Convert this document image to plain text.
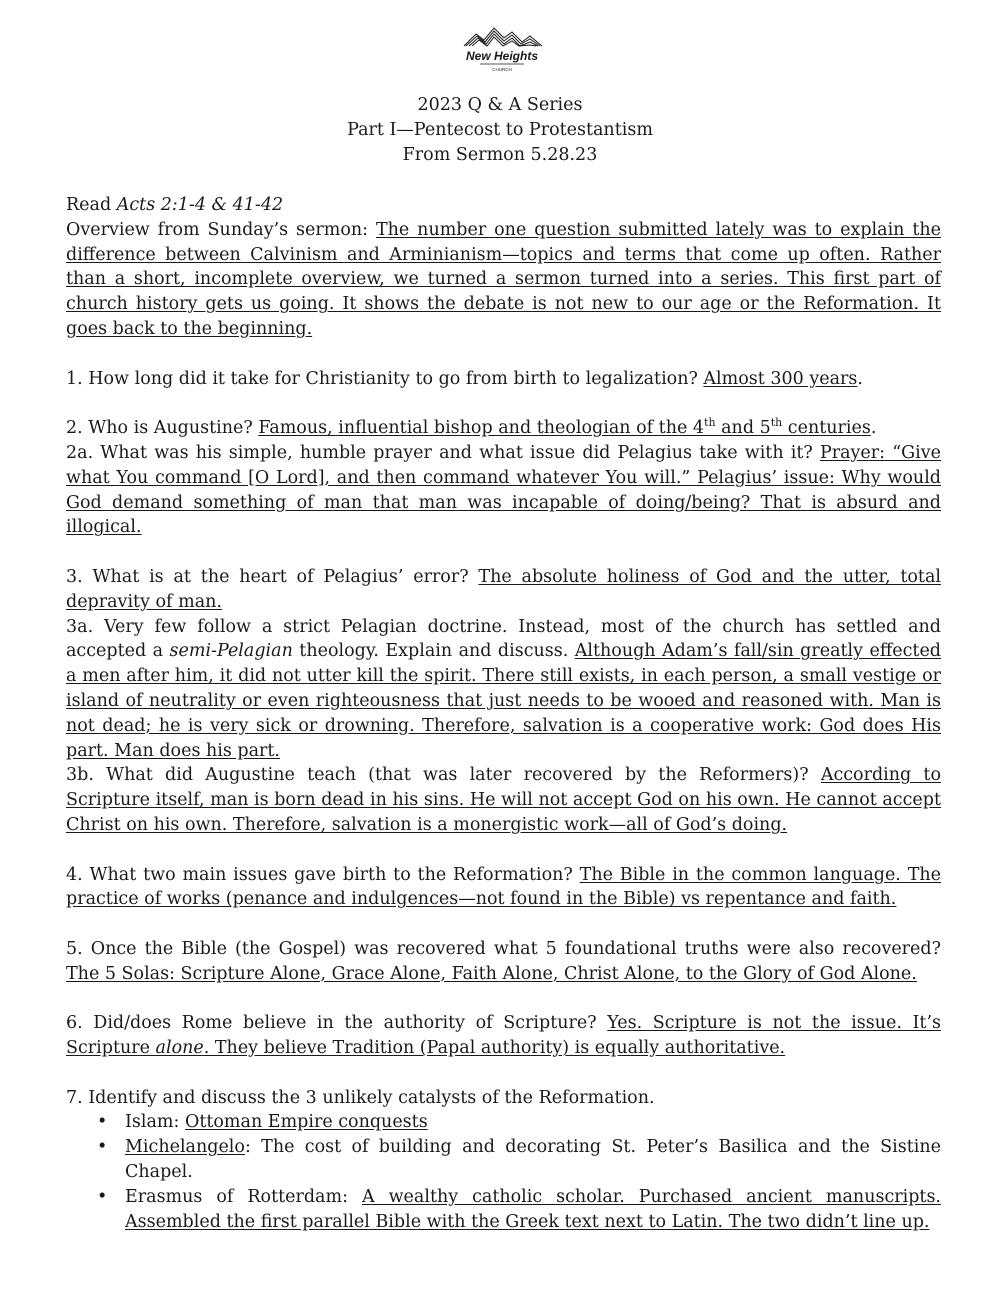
New Heights
CHURCH
2023 Q & A Series
Part I—Pentecost to Protestantism
From Sermon 5.28.23

Read Acts 2:1-4 & 41-42

Overview from Sunday’s sermon: The number one question submitted lately was to explain the difference between Calvinism and Arminianism—topics and terms that come up often. Rather than a short, incomplete overview, we turned a sermon turned into a series. This first part of church history gets us going. It shows the debate is not new to our age or the Reformation. It goes back to the beginning.

1. How long did it take for Christianity to go from birth to legalization? Almost 300 years.

2. Who is Augustine? Famous, influential bishop and theologian of the 4th and 5th centuries.

2a. What was his simple, humble prayer and what issue did Pelagius take with it? Prayer: “Give what You command [O Lord], and then command whatever You will.” Pelagius’ issue: Why would God demand something of man that man was incapable of doing/being? That is absurd and illogical.

3. What is at the heart of Pelagius’ error? The absolute holiness of God and the utter, total depravity of man.

3a. Very few follow a strict Pelagian doctrine. Instead, most of the church has settled and accepted a semi-Pelagian theology. Explain and discuss. Although Adam’s fall/sin greatly effected a men after him, it did not utter kill the spirit. There still exists, in each person, a small vestige or island of neutrality or even righteousness that just needs to be wooed and reasoned with. Man is not dead; he is very sick or drowning. Therefore, salvation is a cooperative work: God does His part. Man does his part.

3b. What did Augustine teach (that was later recovered by the Reformers)? According to Scripture itself, man is born dead in his sins. He will not accept God on his own. He cannot accept Christ on his own. Therefore, salvation is a monergistic work—all of God’s doing.

4. What two main issues gave birth to the Reformation? The Bible in the common language. The practice of works (penance and indulgences—not found in the Bible) vs repentance and faith.

5. Once the Bible (the Gospel) was recovered what 5 foundational truths were also recovered? The 5 Solas: Scripture Alone, Grace Alone, Faith Alone, Christ Alone, to the Glory of God Alone.

6. Did/does Rome believe in the authority of Scripture? Yes. Scripture is not the issue. It’s Scripture alone. They believe Tradition (Papal authority) is equally authoritative.

7. Identify and discuss the 3 unlikely catalysts of the Reformation.

• Islam: Ottoman Empire conquests
• Michelangelo: The cost of building and decorating St. Peter’s Basilica and the Sistine Chapel.
• Erasmus of Rotterdam: A wealthy catholic scholar. Purchased ancient manuscripts. Assembled the first parallel Bible with the Greek text next to Latin. The two didn’t line up.
